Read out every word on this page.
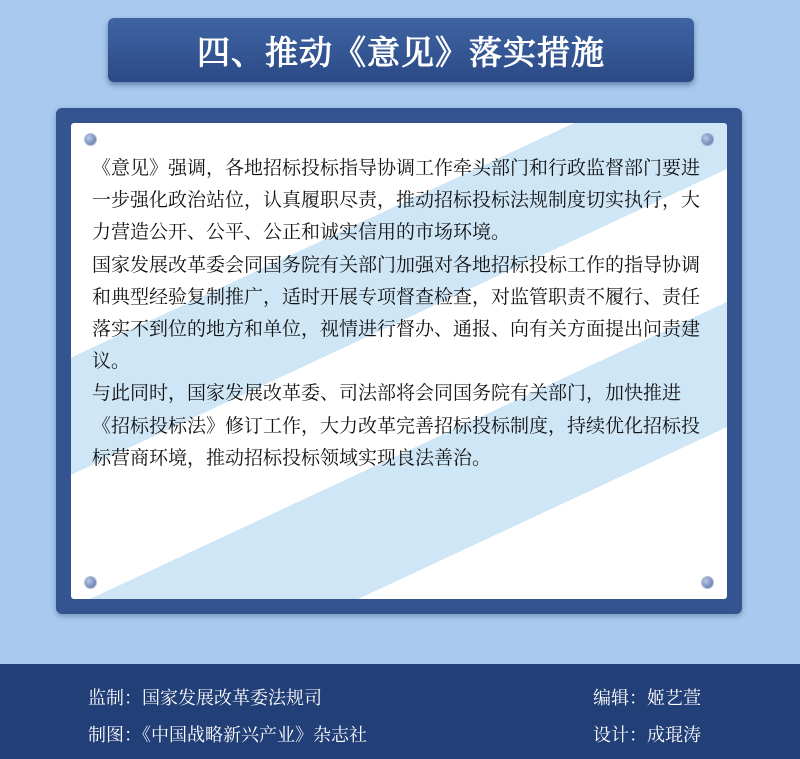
四、推动《意见》落实措施

《意见》强调，各地招标投标指导协调工作牵头部门和行政监督部门要进一步强化政治站位，认真履职尽责，推动招标投标法规制度切实执行，大力营造公开、公平、公正和诚实信用的市场环境。

国家发展改革委会同国务院有关部门加强对各地招标投标工作的指导协调和典型经验复制推广，适时开展专项督查检查，对监管职责不履行、责任落实不到位的地方和单位，视情进行督办、通报、向有关方面提出问责建议。

与此同时，国家发展改革委、司法部将会同国务院有关部门，加快推进《招标投标法》修订工作，大力改革完善招标投标制度，持续优化招标投标营商环境，推动招标投标领域实现良法善治。

监制：国家发展改革委法规司
制图：《中国战略新兴产业》杂志社
编辑：姬艺萱
设计：成琨涛
